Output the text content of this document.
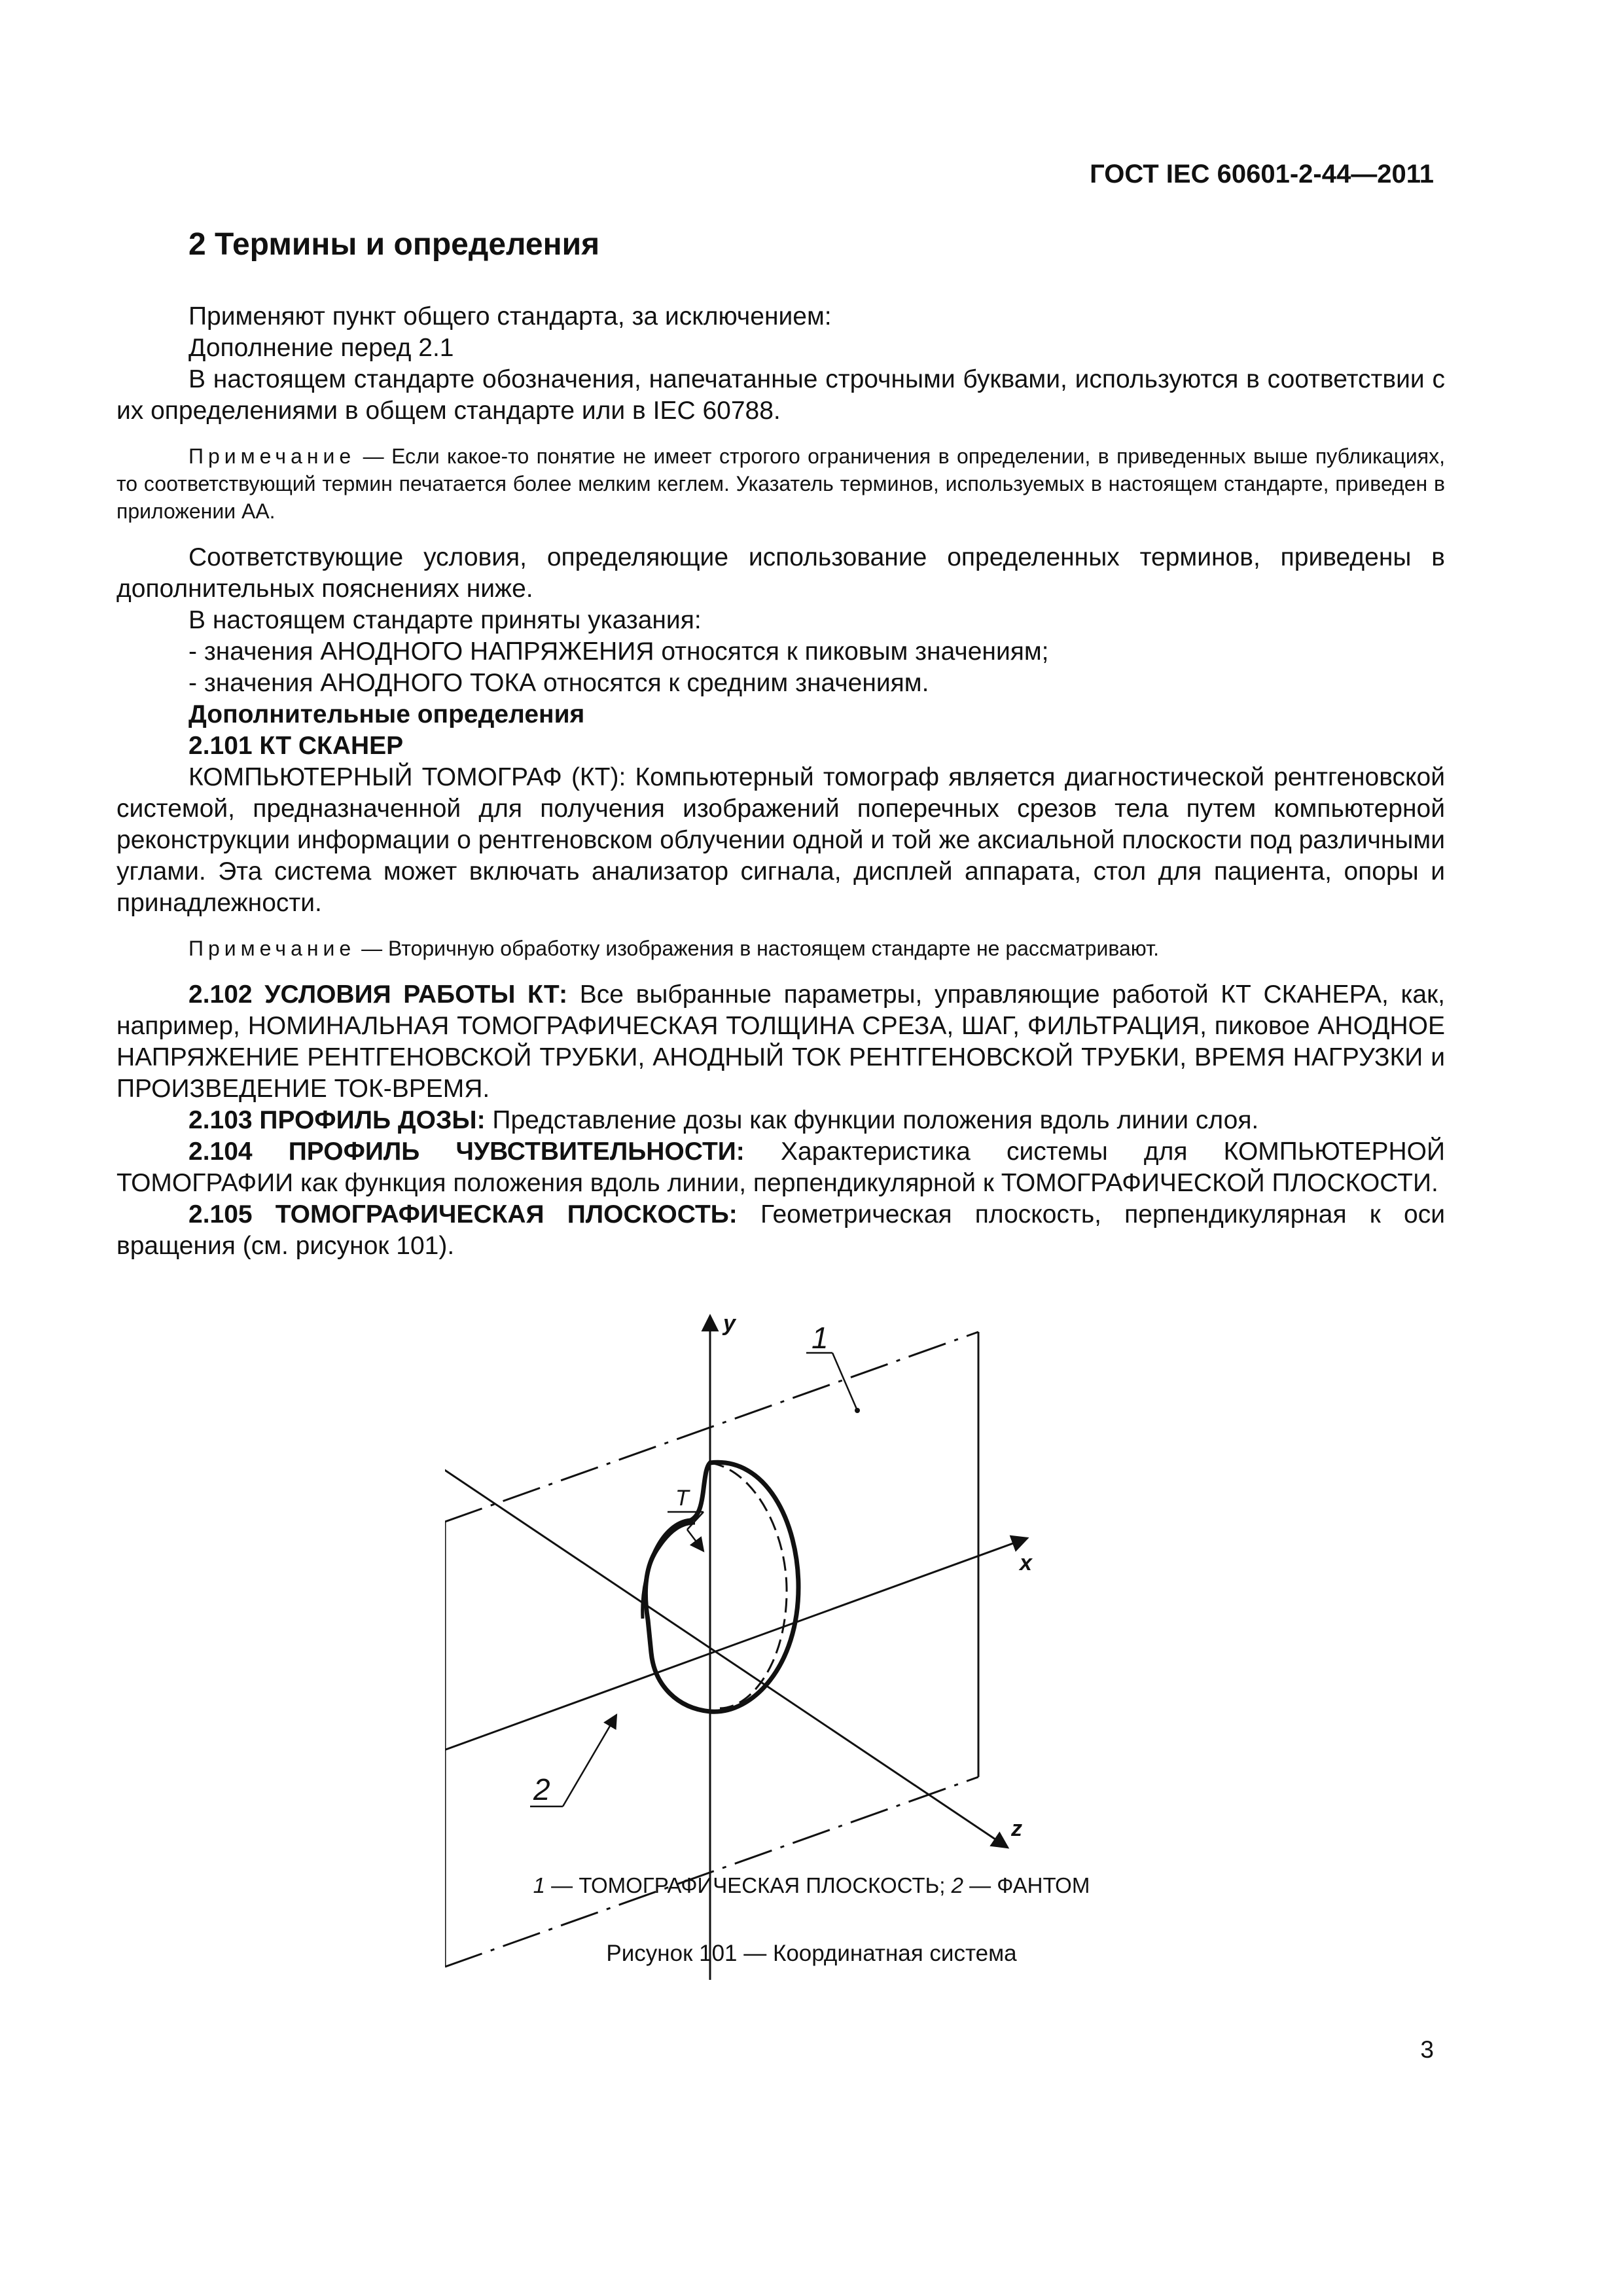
ГОСТ IEC 60601-2-44—2011
2 Термины и определения

Применяют пункт общего стандарта, за исключением:

Дополнение перед 2.1

В настоящем стандарте обозначения, напечатанные строчными буквами, используются в соответствии с их определениями в общем стандарте или в IEC 60788.

Примечание — Если какое-то понятие не имеет строгого ограничения в определении, в приведенных выше публикациях, то соответствующий термин печатается более мелким кеглем. Указатель терминов, используемых в настоящем стандарте, приведен в приложении АА.

Соответствующие условия, определяющие использование определенных терминов, приведены в дополнительных пояснениях ниже.

В настоящем стандарте приняты указания:

- значения АНОДНОГО НАПРЯЖЕНИЯ относятся к пиковым значениям;

- значения АНОДНОГО ТОКА относятся к средним значениям.

Дополнительные определения

2.101 КТ СКАНЕР

КОМПЬЮТЕРНЫЙ ТОМОГРАФ (КТ): Компьютерный томограф является диагностической рентгеновской системой, предназначенной для получения изображений поперечных срезов тела путем компьютерной реконструкции информации о рентгеновском облучении одной и той же аксиальной плоскости под различными углами. Эта система может включать анализатор сигнала, дисплей аппарата, стол для пациента, опоры и принадлежности.

Примечание — Вторичную обработку изображения в настоящем стандарте не рассматривают.

2.102 УСЛОВИЯ РАБОТЫ КТ: Все выбранные параметры, управляющие работой КТ СКАНЕРА, как, например, НОМИНАЛЬНАЯ ТОМОГРАФИЧЕСКАЯ ТОЛЩИНА СРЕЗА, ШАГ, ФИЛЬТРАЦИЯ, пиковое АНОДНОЕ НАПРЯЖЕНИЕ РЕНТГЕНОВСКОЙ ТРУБКИ, АНОДНЫЙ ТОК РЕНТГЕНОВСКОЙ ТРУБКИ, ВРЕМЯ НАГРУЗКИ и ПРОИЗВЕДЕНИЕ ТОК-ВРЕМЯ.

2.103 ПРОФИЛЬ ДОЗЫ: Представление дозы как функции положения вдоль линии слоя.

2.104 ПРОФИЛЬ ЧУВСТВИТЕЛЬНОСТИ: Характеристика системы для КОМПЬЮТЕРНОЙ ТОМОГРАФИИ как функция положения вдоль линии, перпендикулярной к ТОМОГРАФИЧЕСКОЙ ПЛОСКОСТИ.

2.105 ТОМОГРАФИЧЕСКАЯ ПЛОСКОСТЬ: Геометрическая плоскость, перпендикулярная к оси вращения (см. рисунок 101).

T
y
x
z
1
2
1 — ТОМОГРАФИЧЕСКАЯ ПЛОСКОСТЬ; 2 — ФАНТОМ
Рисунок 101 — Координатная система
3
